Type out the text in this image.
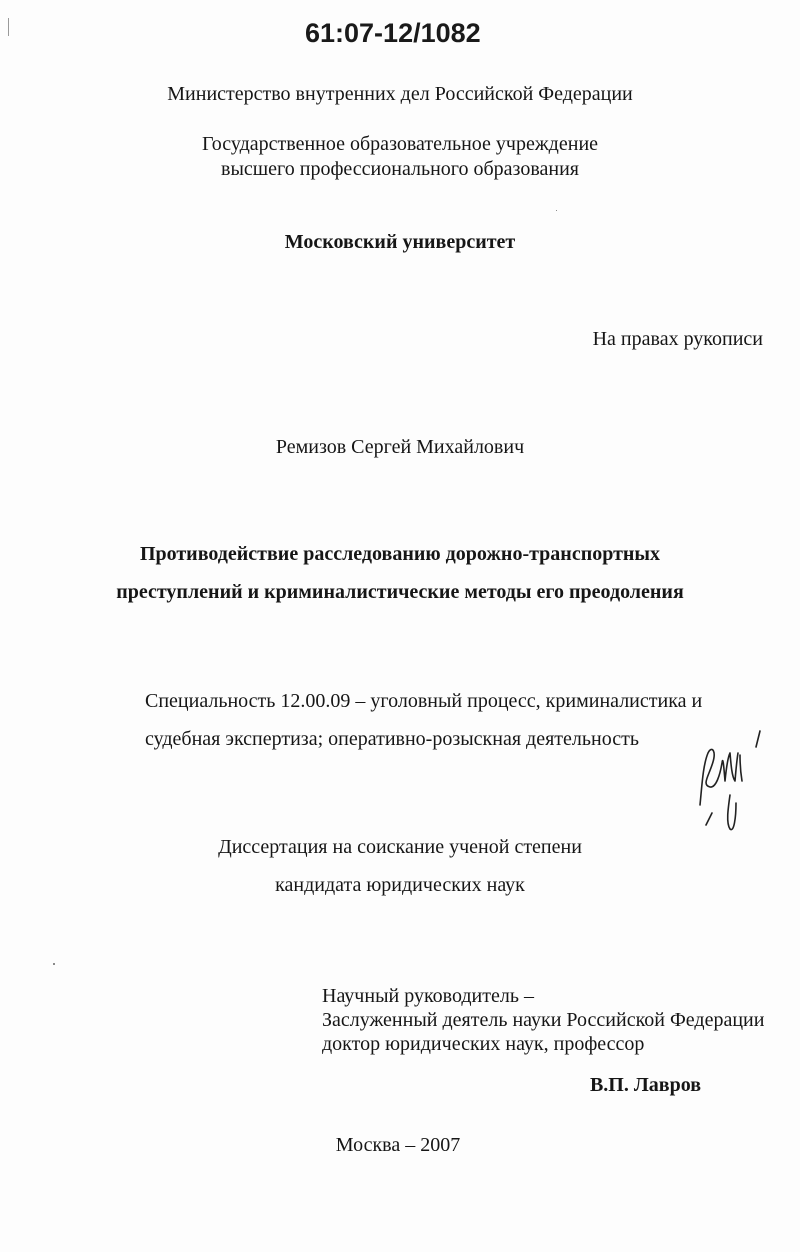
61:07-12/1082

Министерство внутренних дел Российской Федерации

Государственное образовательное учреждение

высшего профессионального образования

Московский университет

На правах рукописи

Ремизов Сергей Михайлович

Противодействие расследованию дорожно-транспортных

преступлений и криминалистические методы его преодоления

Специальность 12.00.09 – уголовный процесс, криминалистика и

судебная экспертиза; оперативно-розыскная деятельность

Диссертация на соискание ученой степени

кандидата юридических наук

Научный руководитель –

Заслуженный деятель науки Российской Федерации

доктор юридических наук, профессор

В.П. Лавров

Москва – 2007
